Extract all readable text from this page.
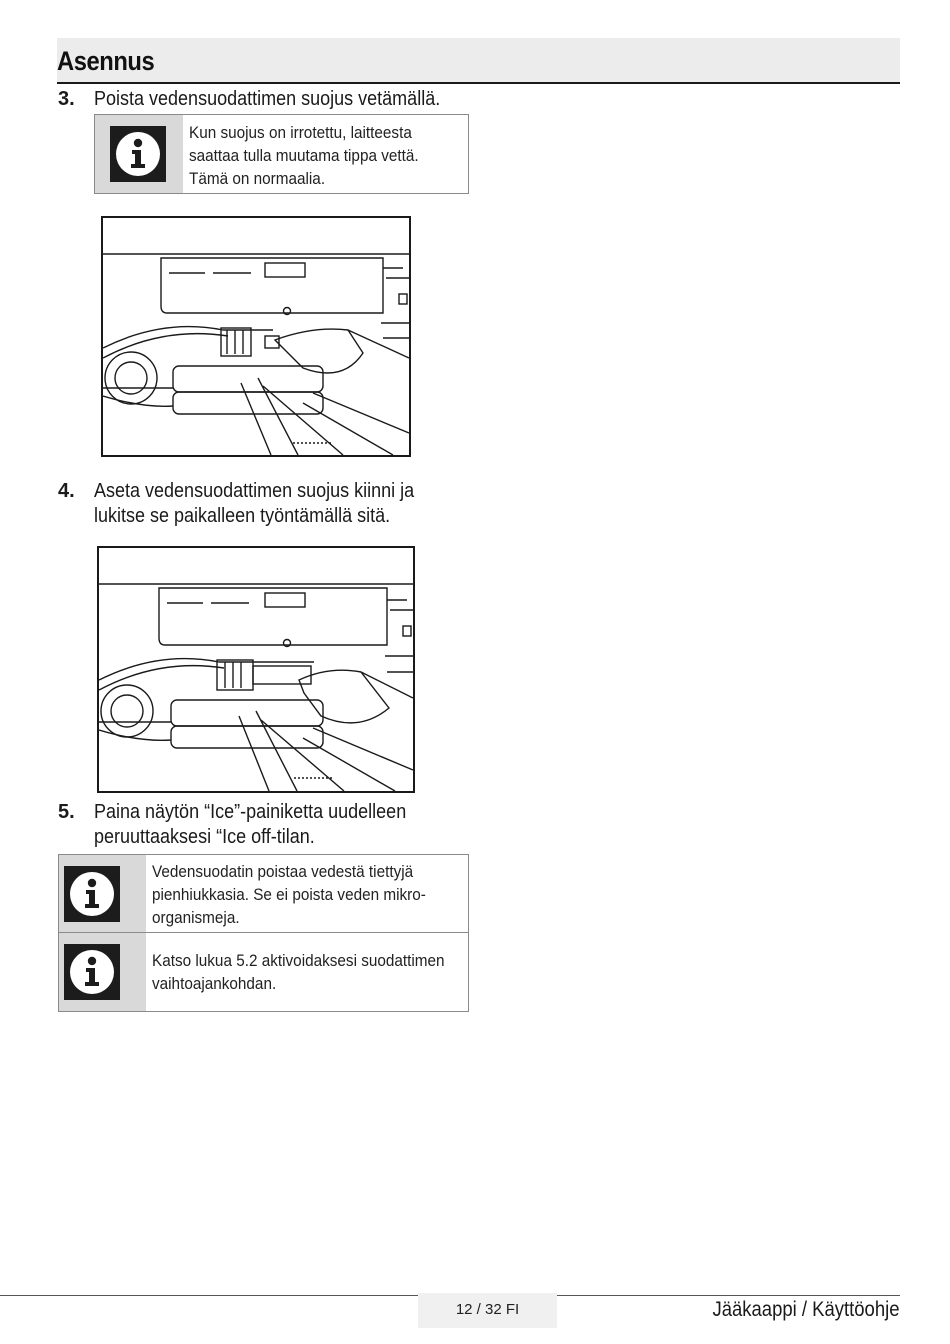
Asennus
3. Poista vedensuodattimen suojus vetämällä.
Kun suojus on irrotettu, laitteesta saattaa tulla muutama tippa vettä. Tämä on normaalia.
4. Aseta vedensuodattimen suojus kiinni ja lukitse se paikalleen työntämällä sitä.
5. Paina näytön “Ice”-painiketta uudelleen peruuttaaksesi “Ice off-tilan.
Vedensuodatin poistaa vedestä tiettyjä pienhiukkasia. Se ei poista veden mikro-organismeja.
Katso lukua 5.2 aktivoidaksesi suodattimen vaihtoajankohdan.
12 / 32 FI	Jääkaappi / Käyttöohje
